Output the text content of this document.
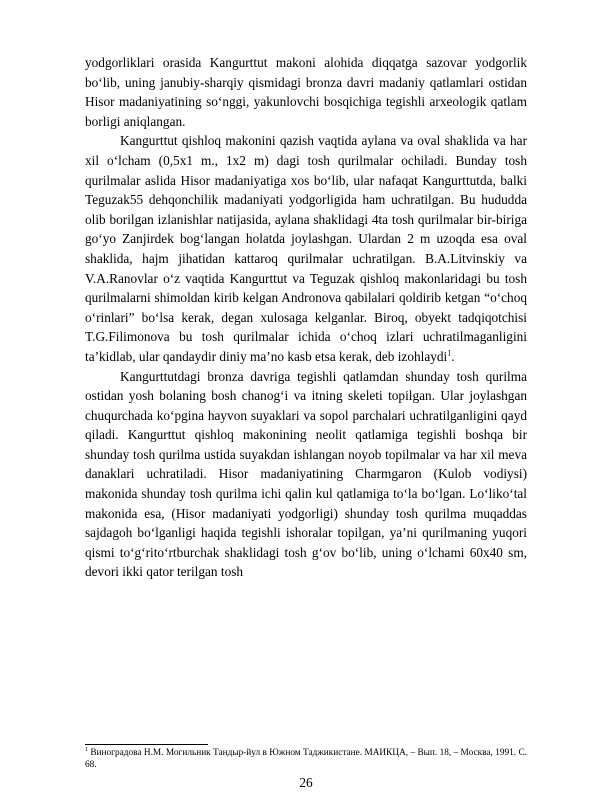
yodgorliklari orasida Kangurttut makoni alohida diqqatga sazovar yodgorlik bo‘lib, uning janubiy-sharqiy qismidagi bronza davri madaniy qatlamlari ostidan Hisor madaniyatining so‘nggi, yakunlovchi bosqichiga tegishli arxeologik qatlam borligi aniqlangan.

Kangurttut qishloq makonini qazish vaqtida aylana va oval shaklida va har xil o‘lcham (0,5x1 m., 1x2 m) dagi tosh qurilmalar ochiladi. Bunday tosh qurilmalar aslida Hisor madaniyatiga xos bo‘lib, ular nafaqat Kangurttutda, balki Teguzak55 dehqonchilik madaniyati yodgorligida ham uchratilgan. Bu hududda olib borilgan izlanishlar natijasida, aylana shaklidagi 4ta tosh qurilmalar bir-biriga go‘yo Zanjirdek bog‘langan holatda joylashgan. Ulardan 2 m uzoqda esa oval shaklida, hajm jihatidan kattaroq qurilmalar uchratilgan. B.A.Litvinskiy va V.A.Ranovlar o‘z vaqtida Kangurttut va Teguzak qishloq makonlaridagi bu tosh qurilmalarni shimoldan kirib kelgan Andronova qabilalari qoldirib ketgan “o‘choq o‘rinlari” bo‘lsa kerak, degan xulosaga kelganlar. Biroq, obyekt tadqiqotchisi T.G.Filimonova bu tosh qurilmalar ichida o‘choq izlari uchratilmaganligini ta’kidlab, ular qandaydir diniy ma’no kasb etsa kerak, deb izohlaydi$^1$.

Kangurttutdagi bronza davriga tegishli qatlamdan shunday tosh qurilma ostidan yosh bolaning bosh chanog‘i va itning skeleti topilgan. Ular joylashgan chuqurchada ko‘pgina hayvon suyaklari va sopol parchalari uchratilganligini qayd qiladi. Kangurttut qishloq makonining neolit qatlamiga tegishli boshqa bir shunday tosh qurilma ustida suyakdan ishlangan noyob topilmalar va har xil meva danaklari uchratiladi. Hisor madaniyatining Charmgaron (Kulob vodiysi) makonida shunday tosh qurilma ichi qalin kul qatlamiga to‘la bo‘lgan. Lo‘liko‘tal makonida esa, (Hisor madaniyati yodgorligi) shunday tosh qurilma muqaddas sajdagoh bo‘lganligi haqida tegishli ishoralar topilgan, ya’ni qurilmaning yuqori qismi to‘g‘rito‘rtburchak shaklidagi tosh g‘ov bo‘lib, uning o‘lchami 60x40 sm, devori ikki qator terilgan tosh

$^1$ Виноградова Н.М. Могильник Тандыр-йул в Южном Таджикистане. МАИКЦА, – Вып. 18, – Москва, 1991. С. 68.

26
